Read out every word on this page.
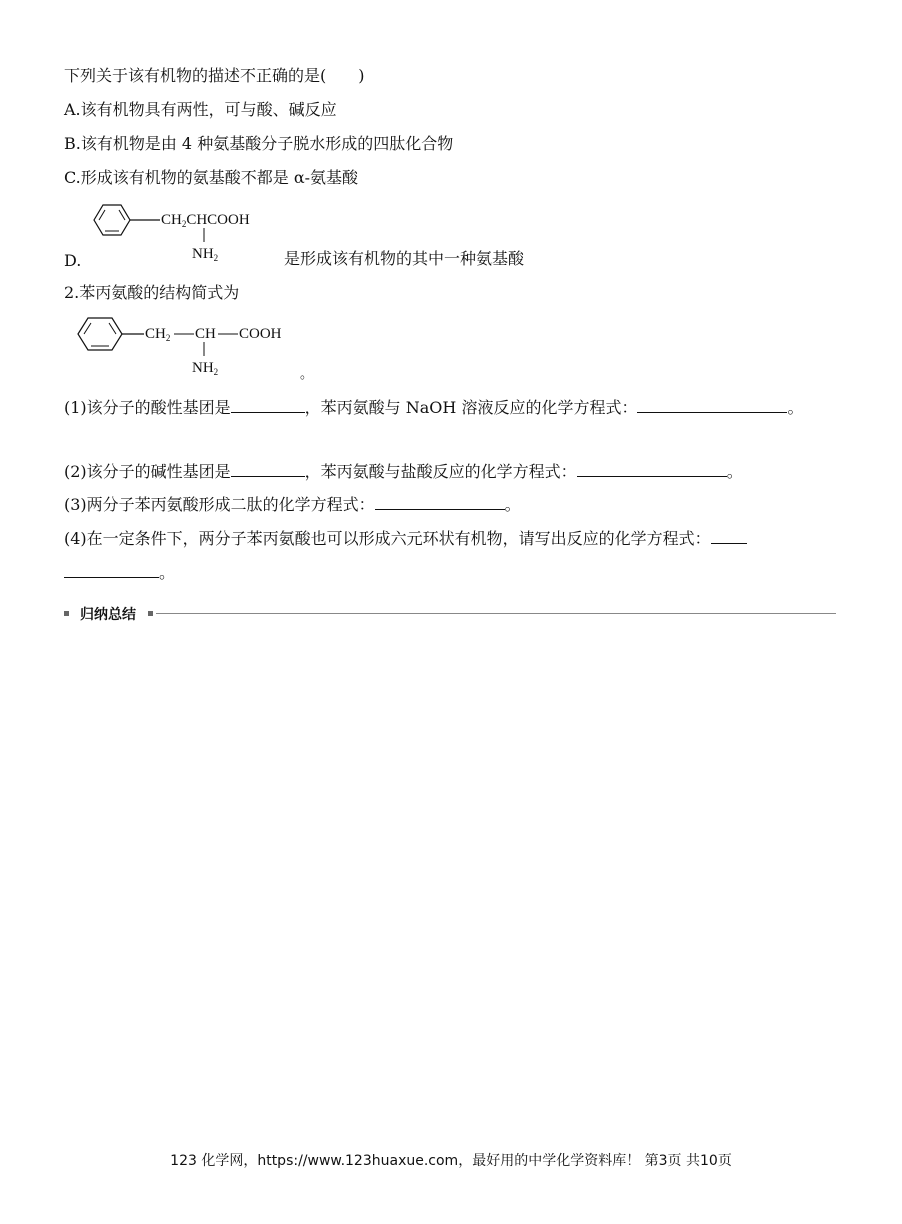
下列关于该有机物的描述不正确的是(　　)
A.该有机物具有两性，可与酸、碱反应
B.该有机物是由 4 种氨基酸分子脱水形成的四肽化合物
C.形成该有机物的氨基酸不都是 α-氨基酸
$CH_2CHCOOH$
$NH_2$
D.	是形成该有机物的其中一种氨基酸
2.苯丙氨酸的结构简式为
$CH_2$ CH COOH
$NH_2$	。
(1)该分子的酸性基团是	，苯丙氨酸与 NaOH 溶液反应的化学方程式：	。
(2)该分子的碱性基团是	，苯丙氨酸与盐酸反应的化学方程式：	。
(3)两分子苯丙氨酸形成二肽的化学方程式：	。
(4)在一定条件下，两分子苯丙氨酸也可以形成六元环状有机物，请写出反应的化学方程式：
。
归纳总结
123 化学网，https://www.123huaxue.com，最好用的中学化学资料库！ 第3页 共10页
